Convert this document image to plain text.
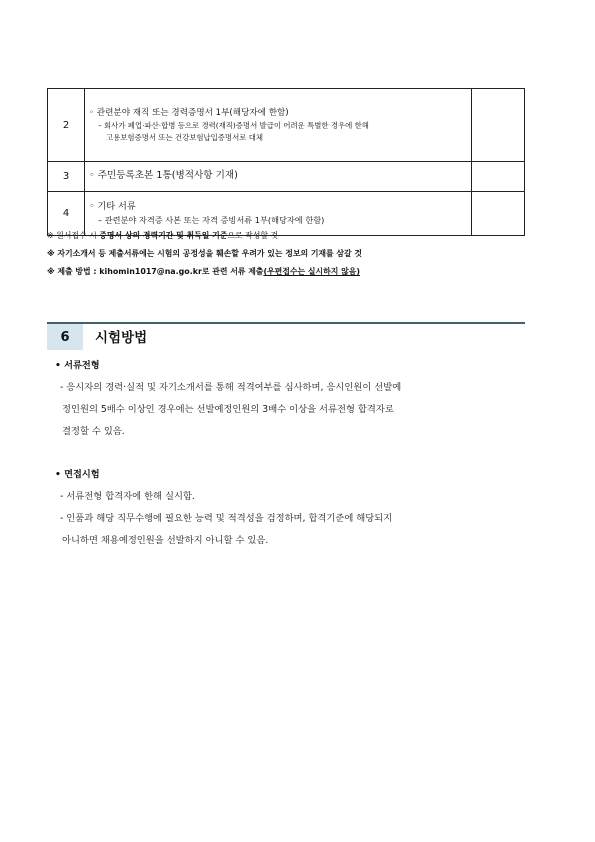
2	◦ 관련분야 재직 또는 경력증명서 1부(해당자에 한함)
– 회사가 폐업·파산·합병 등으로 경력(재직)증명서 발급이 어려운 특별한 경우에 한해
고용보험증명서 또는 건강보험납입증명서로 대체	

3	◦ 주민등록초본 1통(병적사항 기재)	

4	◦ 기타 서류
– 관련분야 자격증 사본 또는 자격 증빙서류 1부(해당자에 한함)	

※ 원서접수 시 증명서 상의 경력기간 및 취득일 기준으로 작성할 것
※ 자기소개서 등 제출서류에는 시험의 공정성을 훼손할 우려가 있는 정보의 기재를 삼갈 것
※ 제출 방법 : kihomin1017@na.go.kr로 관련 서류 제출(우편접수는 실시하지 않음)
6	시험방법
• 서류전형
- 응시자의 경력·실적 및 자기소개서를 통해 적격여부를 심사하며, 응시인원이 선발예
정인원의 5배수 이상인 경우에는 선발예정인원의 3배수 이상을 서류전형 합격자로
결정할 수 있음.
• 면접시험
- 서류전형 합격자에 한해 실시함.
- 인품과 해당 직무수행에 필요한 능력 및 적격성을 검정하며, 합격기준에 해당되지
아니하면 채용예정인원을 선발하지 아니할 수 있음.
